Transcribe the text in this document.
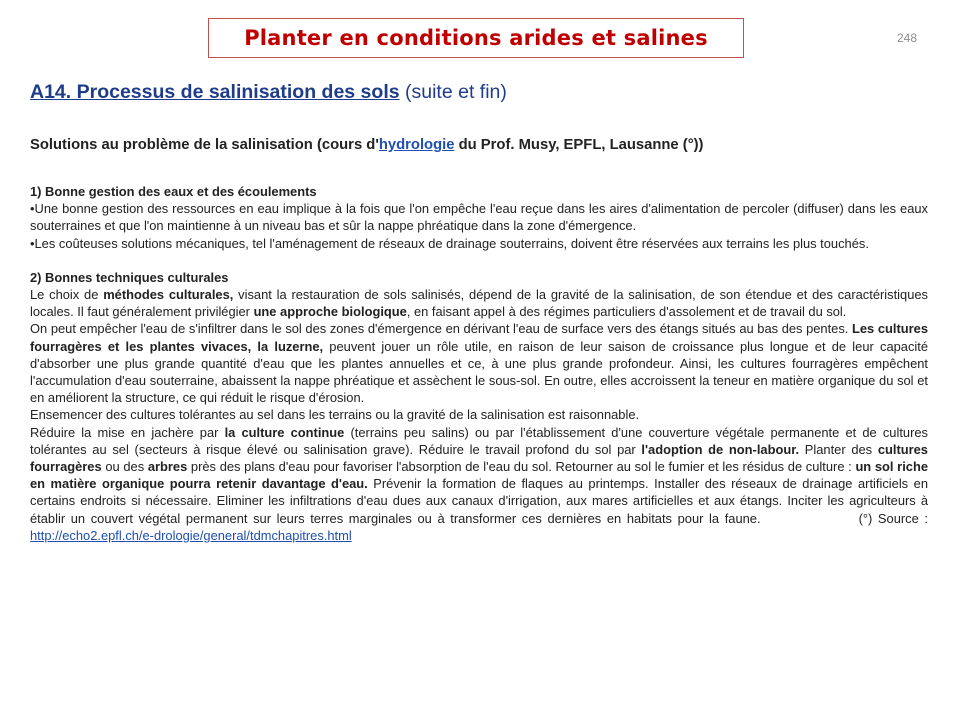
Planter en conditions arides et salines	248
A14. Processus de salinisation des sols (suite et fin)
Solutions au problème de la salinisation (cours d'hydrologie du Prof. Musy, EPFL, Lausanne (°))

1) Bonne gestion des eaux et des écoulements

•Une bonne gestion des ressources en eau implique à la fois que l'on empêche l'eau reçue dans les aires d'alimentation de percoler (diffuser) dans les eaux souterraines et que l'on maintienne à un niveau bas et sûr la nappe phréatique dans la zone d'émergence.

•Les coûteuses solutions mécaniques, tel l'aménagement de réseaux de drainage souterrains, doivent être réservées aux terrains les plus touchés.

2) Bonnes techniques culturales

Le choix de méthodes culturales, visant la restauration de sols salinisés, dépend de la gravité de la salinisation, de son étendue et des caractéristiques locales. Il faut généralement privilégier une approche biologique, en faisant appel à des régimes particuliers d'assolement et de travail du sol.

On peut empêcher l'eau de s'infiltrer dans le sol des zones d'émergence en dérivant l'eau de surface vers des étangs situés au bas des pentes. Les cultures fourragères et les plantes vivaces, la luzerne, peuvent jouer un rôle utile, en raison de leur saison de croissance plus longue et de leur capacité d'absorber une plus grande quantité d'eau que les plantes annuelles et ce, à une plus grande profondeur. Ainsi, les cultures fourragères empêchent l'accumulation d'eau souterraine, abaissent la nappe phréatique et assèchent le sous-sol. En outre, elles accroissent la teneur en matière organique du sol et en améliorent la structure, ce qui réduit le risque d'érosion.

Ensemencer des cultures tolérantes au sel dans les terrains ou la gravité de la salinisation est raisonnable.

Réduire la mise en jachère par la culture continue (terrains peu salins) ou par l'établissement d'une couverture végétale permanente et de cultures tolérantes au sel (secteurs à risque élevé ou salinisation grave). Réduire le travail profond du sol par l'adoption de non-labour. Planter des cultures fourragères ou des arbres près des plans d'eau pour favoriser l'absorption de l'eau du sol. Retourner au sol le fumier et les résidus de culture : un sol riche en matière organique pourra retenir davantage d'eau. Prévenir la formation de flaques au printemps. Installer des réseaux de drainage artificiels en certains endroits si nécessaire. Eliminer les infiltrations d'eau dues aux canaux d'irrigation, aux mares artificielles et aux étangs. Inciter les agriculteurs à établir un couvert végétal permanent sur leurs terres marginales ou à transformer ces dernières en habitats pour la faune.	(°) Source : http://echo2.epfl.ch/e-drologie/general/tdmchapitres.html
